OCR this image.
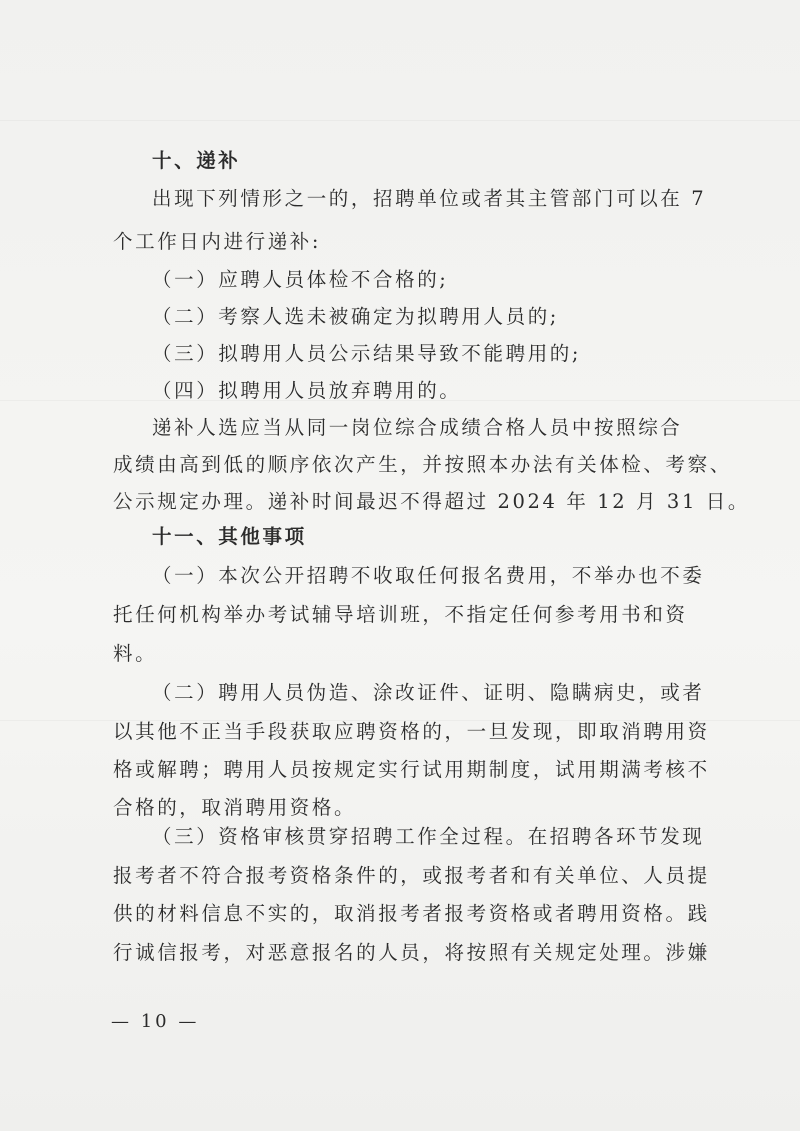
十、递补
出现下列情形之一的，招聘单位或者其主管部门可以在 7
个工作日内进行递补:
（一）应聘人员体检不合格的;
（二）考察人选未被确定为拟聘用人员的;
（三）拟聘用人员公示结果导致不能聘用的;
（四）拟聘用人员放弃聘用的。
递补人选应当从同一岗位综合成绩合格人员中按照综合
成绩由高到低的顺序依次产生，并按照本办法有关体检、考察、
公示规定办理。递补时间最迟不得超过 2024 年 12 月 31 日。
十一、其他事项
（一）本次公开招聘不收取任何报名费用，不举办也不委
托任何机构举办考试辅导培训班，不指定任何参考用书和资
料。
（二）聘用人员伪造、涂改证件、证明、隐瞒病史，或者
以其他不正当手段获取应聘资格的，一旦发现，即取消聘用资
格或解聘；聘用人员按规定实行试用期制度，试用期满考核不
合格的，取消聘用资格。
（三）资格审核贯穿招聘工作全过程。在招聘各环节发现
报考者不符合报考资格条件的，或报考者和有关单位、人员提
供的材料信息不实的，取消报考者报考资格或者聘用资格。践
行诚信报考，对恶意报名的人员，将按照有关规定处理。涉嫌
— 10 —
